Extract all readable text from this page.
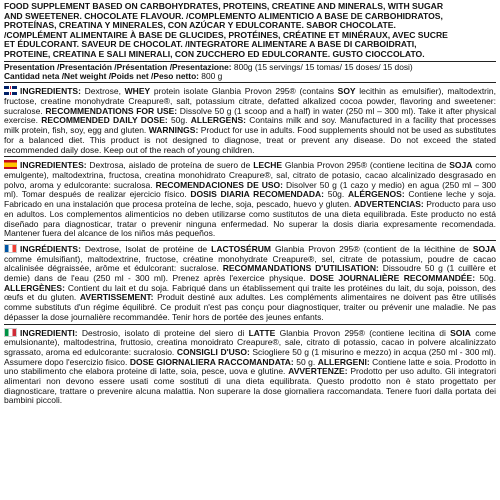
FOOD SUPPLEMENT BASED ON CARBOHYDRATES, PROTEINS, CREATINE AND MINERALS, WITH SUGAR
AND SWEETENER. CHOCOLATE FLAVOUR. /COMPLEMENTO ALIMENTICIO A BASE DE CARBOHIDRATOS,
PROTEÍNAS, CREATINA Y MINERALES, CON AZÚCAR Y EDULCORANTE. SABOR CHOCOLATE.
/COMPLÉMENT ALIMENTAIRE À BASE DE GLUCIDES, PROTÉINES, CRÉATINE ET MINÉRAUX, AVEC SUCRE
ET ÉDULCORANT. SAVEUR DE CHOCOLAT. /INTEGRATORE ALIMENTARE A BASE DI CARBOIDRATI,
PROTEINE, CREATINA E SALI MINERALI, CON ZUCCHERO ED EDULCORANTE. GUSTO CIOCCOLATO.
Presentation /Presentación /Présentation /Presentazione: 800g (15 servings/ 15 tomas/ 15 doses/ 15 dosi)
Cantidad neta /Net weight /Poids net /Peso netto: 800 g
INGREDIENTS: Dextrose, WHEY protein isolate Glanbia Provon 295® (contains SOY lecithin as emulsifier), maltodextrin, fructose, creatine monohydrate Creapure®, salt, potassium citrate, defatted alkalized cocoa powder, flavoring and sweetener: sucralose. RECOMMENDATIONS FOR USE: Dissolve 50 g (1 scoop and a half) in water (250 ml – 300 ml). Take it after physical exercise. RECOMMENDED DAILY DOSE: 50g. ALLERGENS: Contains milk and soy. Manufactured in a facility that processes milk protein, fish, soy, egg and gluten. WARNINGS: Product for use in adults. Food supplements should not be used as substitutes for a balanced diet. This product is not designed to diagnose, treat or prevent any disease. Do not exceed the stated recommended daily dose. Keep out of the reach of young children.
INGREDIENTES: Dextrosa, aislado de proteína de suero de LECHE Glanbia Provon 295® (contiene lecitina de SOJA como emulgente), maltodextrina, fructosa, creatina monohidrato Creapure®, sal, citrato de potasio, cacao alcalinizado desgrasado en polvo, aroma y edulcorante: sucralosa. RECOMENDACIONES DE USO: Disolver 50 g (1 cazo y medio) en agua (250 ml – 300 ml). Tomar después de realizar ejercicio físico. DOSIS DIARIA RECOMENDADA: 50g. ALÉRGENOS: Contiene leche y soja. Fabricado en una instalación que procesa proteína de leche, soja, pescado, huevo y gluten. ADVERTENCIAS: Producto para uso en adultos. Los complementos alimenticios no deben utilizarse como sustitutos de una dieta equilibrada. Este producto no está diseñado para diagnosticar, tratar o prevenir ninguna enfermedad. No superar la dosis diaria expresamente recomendada. Mantener fuera del alcance de los niños más pequeños.
INGRÉDIENTS: Dextrose, Isolat de protéine de LACTOSÉRUM Glanbia Provon 295® (contient de la lécithine de SOJA comme émulsifiant), maltodextrine, fructose, créatine monohydrate Creapure®, sel, citrate de potassium, poudre de cacao alcalinisée dégraissée, arôme et édulcorant: sucralose. RECOMMANDATIONS D'UTILISATION: Dissoudre 50 g (1 cuillère et demie) dans de l'eau (250 ml - 300 ml). Prenez après l'exercice physique. DOSE JOURNALIÈRE RECOMMANDÉE: 50g. ALLERGÈNES: Contient du lait et du soja. Fabriqué dans un établissement qui traite les protéines du lait, du soja, poisson, des œufs et du gluten. AVERTISSEMENT: Produit destiné aux adultes. Les compléments alimentaires ne doivent pas être utilisés comme substituts d'un régime équilibré. Ce produit n'est pas conçu pour diagnostiquer, traiter ou prévenir une maladie. Ne pas dépasser la dose journalière recommandée. Tenir hors de portée des jeunes enfants.
INGREDIENTI: Destrosio, isolato di proteine del siero di LATTE Glanbia Provon 295® (contiene lecitina di SOIA come emulsionante), maltodestrina, fruttosio, creatina monoidrato Creapure®, sale, citrato di potassio, cacao in polvere alcalinizzato sgrassato, aroma ed edulcorante: sucralosio. CONSIGLI D'USO: Sciogliere 50 g (1 misurino e mezzo) in acqua (250 ml - 300 ml). Assumere dopo l'esercizio fisico. DOSE GIORNALIERA RACCOMANDATA: 50 g. ALLERGENI: Contiene latte e soia. Prodotto in uno stabilimento che elabora proteine di latte, soia, pesce, uova e glutine. AVVERTENZE: Prodotto per uso adulto. Gli integratori alimentari non devono essere usati come sostituti di una dieta equilibrata. Questo prodotto non è stato progettato per diagnosticare, trattare o prevenire alcuna malattia. Non superare la dose giornaliera raccomandata. Tenere fuori dalla portata dei bambini piccoli.
